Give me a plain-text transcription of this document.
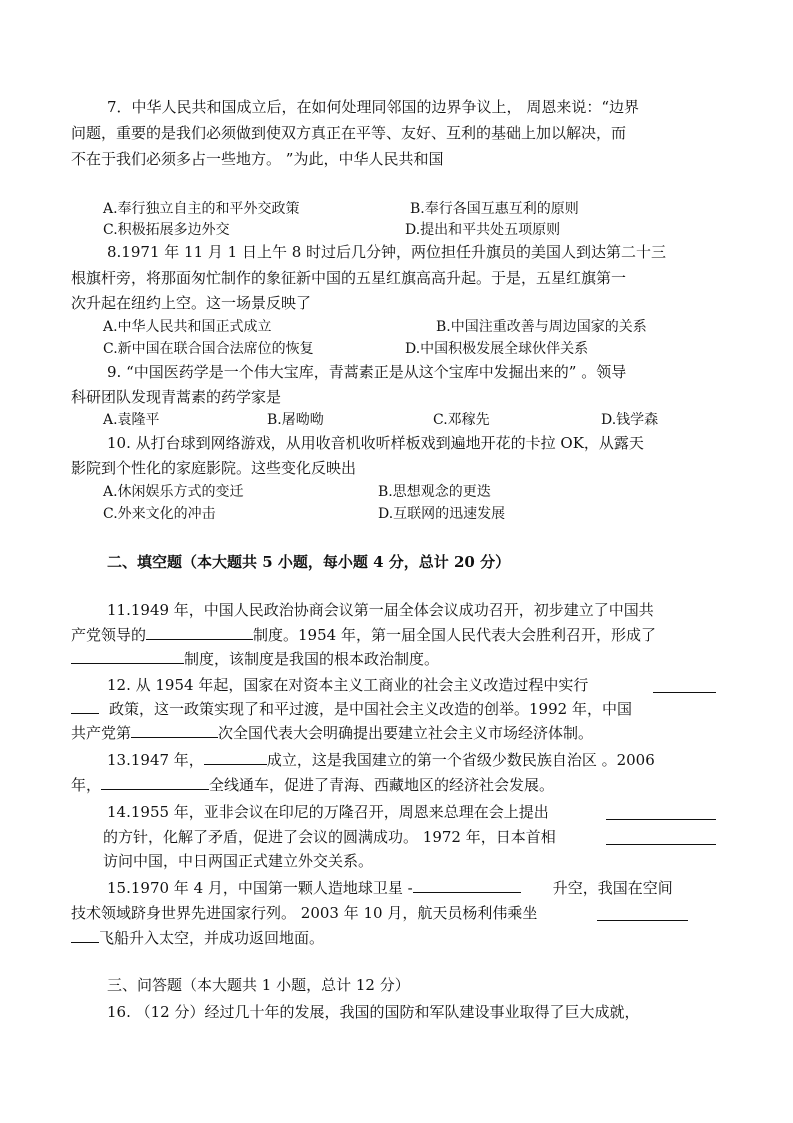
7．中华人民共和国成立后，在如何处理同邻国的边界争议上， 周恩来说：“边界
问题，重要的是我们必须做到使双方真正在平等、友好、互利的基础上加以解决，而
不在于我们必须多占一些地方。 ”为此，中华人民共和国
A.奉行独立自主的和平外交政策	B.奉行各国互惠互利的原则
C.积极拓展多边外交	D.提出和平共处五项原则
8.1971 年 11 月 1 日上午 8 时过后几分钟，两位担任升旗员的美国人到达第二十三
根旗杆旁，将那面匆忙制作的象征新中国的五星红旗高高升起。于是，五星红旗第一
次升起在纽约上空。这一场景反映了
A.中华人民共和国正式成立	B.中国注重改善与周边国家的关系
C.新中国在联合国合法席位的恢复	D.中国积极发展全球伙伴关系
9. “中国医药学是一个伟大宝库，青蒿素正是从这个宝库中发掘出来的” 。领导
科研团队发现青蒿素的药学家是
A.袁隆平	B.屠呦呦	C.邓稼先	D.钱学森
10. 从打台球到网络游戏，从用收音机收听样板戏到遍地开花的卡拉 OK，从露天
影院到个性化的家庭影院。这些变化反映出
A.休闲娱乐方式的变迁	B.思想观念的更迭
C.外来文化的冲击	D.互联网的迅速发展
二、填空题（本大题共 5 小题，每小题 4 分，总计 20 分）
11.1949 年，中国人民政治协商会议第一届全体会议成功召开，初步建立了中国共
产党领导的	制度。1954 年，第一届全国人民代表大会胜利召开，形成了
制度，该制度是我国的根本政治制度。
12. 从 1954 年起，国家在对资本主义工商业的社会主义改造过程中实行
政策，这一政策实现了和平过渡，是中国社会主义改造的创举。1992 年，中国
共产党第	次全国代表大会明确提出要建立社会主义市场经济体制。
13.1947 年，	成立，这是我国建立的第一个省级少数民族自治区 。2006
年，	全线通车，促进了青海、西藏地区的经济社会发展。
14.1955 年，亚非会议在印尼的万隆召开，周恩来总理在会上提出
的方针，化解了矛盾，促进了会议的圆满成功。 1972 年，日本首相
访问中国，中日两国正式建立外交关系。
15.1970 年 4 月，中国第一颗人造地球卫星 -	升空，我国在空间
技术领域跻身世界先进国家行列。 2003 年 10 月，航天员杨利伟乘坐
飞船升入太空，并成功返回地面。
三、问答题（本大题共 1 小题，总计 12 分）
16. （12 分）经过几十年的发展，我国的国防和军队建设事业取得了巨大成就，
